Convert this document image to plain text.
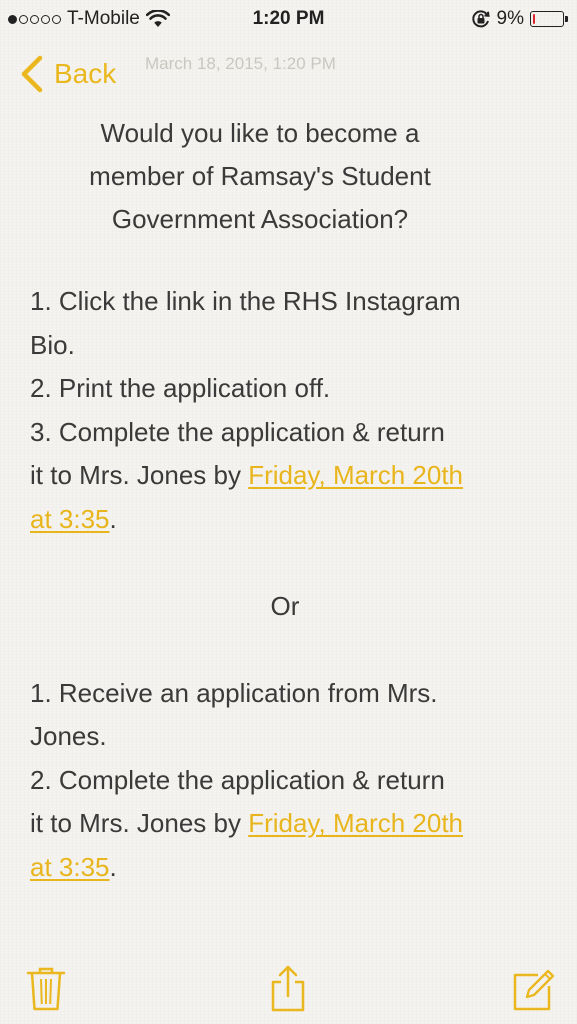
T-Mobile	1:20 PM	9%
Back March 18, 2015, 1:20 PM
Would you like to become a
member of Ramsay's Student
Government Association?
1. Click the link in the RHS Instagram
Bio.
2. Print the application off.
3. Complete the application & return
it to Mrs. Jones by Friday, March 20th
at 3:35.
Or
1. Receive an application from Mrs.
Jones.
2. Complete the application & return
it to Mrs. Jones by Friday, March 20th
at 3:35.
